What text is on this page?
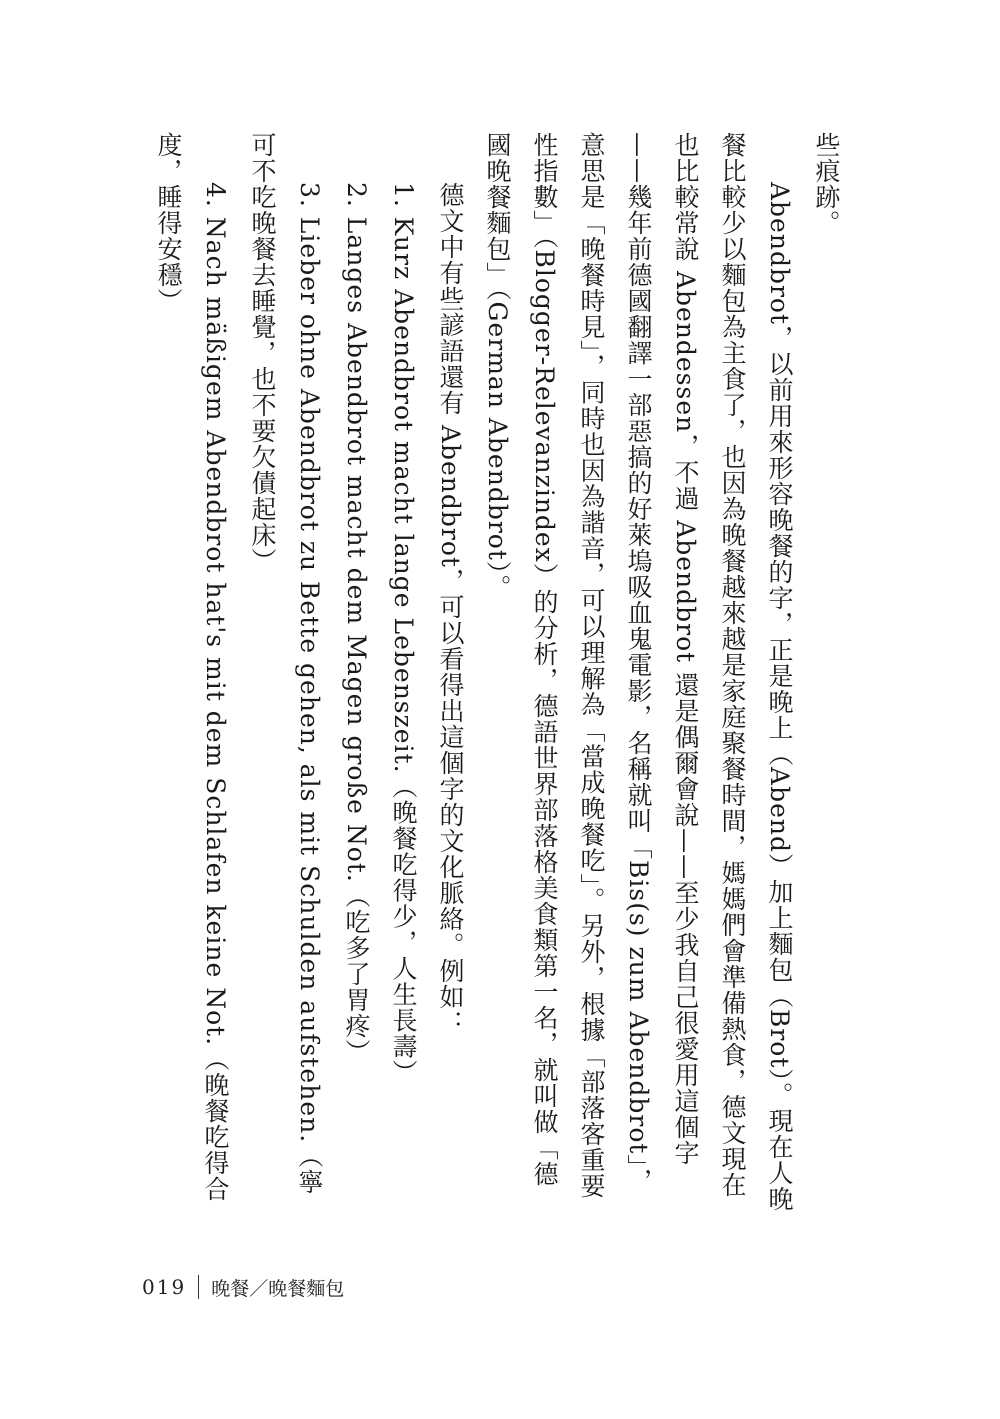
些痕跡。

Abendbrot，以前用來形容晚餐的字，正是晚上（Abend）加上麵包（Brot）。現在人晚餐比較少以麵包為主食了，也因為晚餐越來越是家庭聚餐時間，媽媽們會準備熱食，德文現在也比較常說 Abendessen，不過 Abendbrot 還是偶爾會說——至少我自己很愛用這個字——幾年前德國翻譯一部惡搞的好萊塢吸血鬼電影，名稱就叫「Bis(s) zum Abendbrot」，意思是「晚餐時見」，同時也因為諧音，可以理解為「當成晚餐吃」。另外，根據「部落客重要性指數」（Blogger-Relevanzindex）的分析，德語世界部落格美食類第一名，就叫做「德國晚餐麵包」（German Abendbrot）。

德文中有些諺語還有 Abendbrot，可以看得出這個字的文化脈絡。例如：

1. Kurz Abendbrot macht lange Lebenszeit.（晚餐吃得少，人生長壽）

2. Langes Abendbrot macht dem Magen große Not.（吃多了胃疼）

3. Lieber ohne Abendbrot zu Bette gehen, als mit Schulden aufstehen.（寧可不吃晚餐去睡覺，也不要欠債起床）

4. Nach mäßigem Abendbrot hat's mit dem Schlafen keine Not.（晚餐吃得合度，睡得安穩）

019 晚餐／晚餐麵包
